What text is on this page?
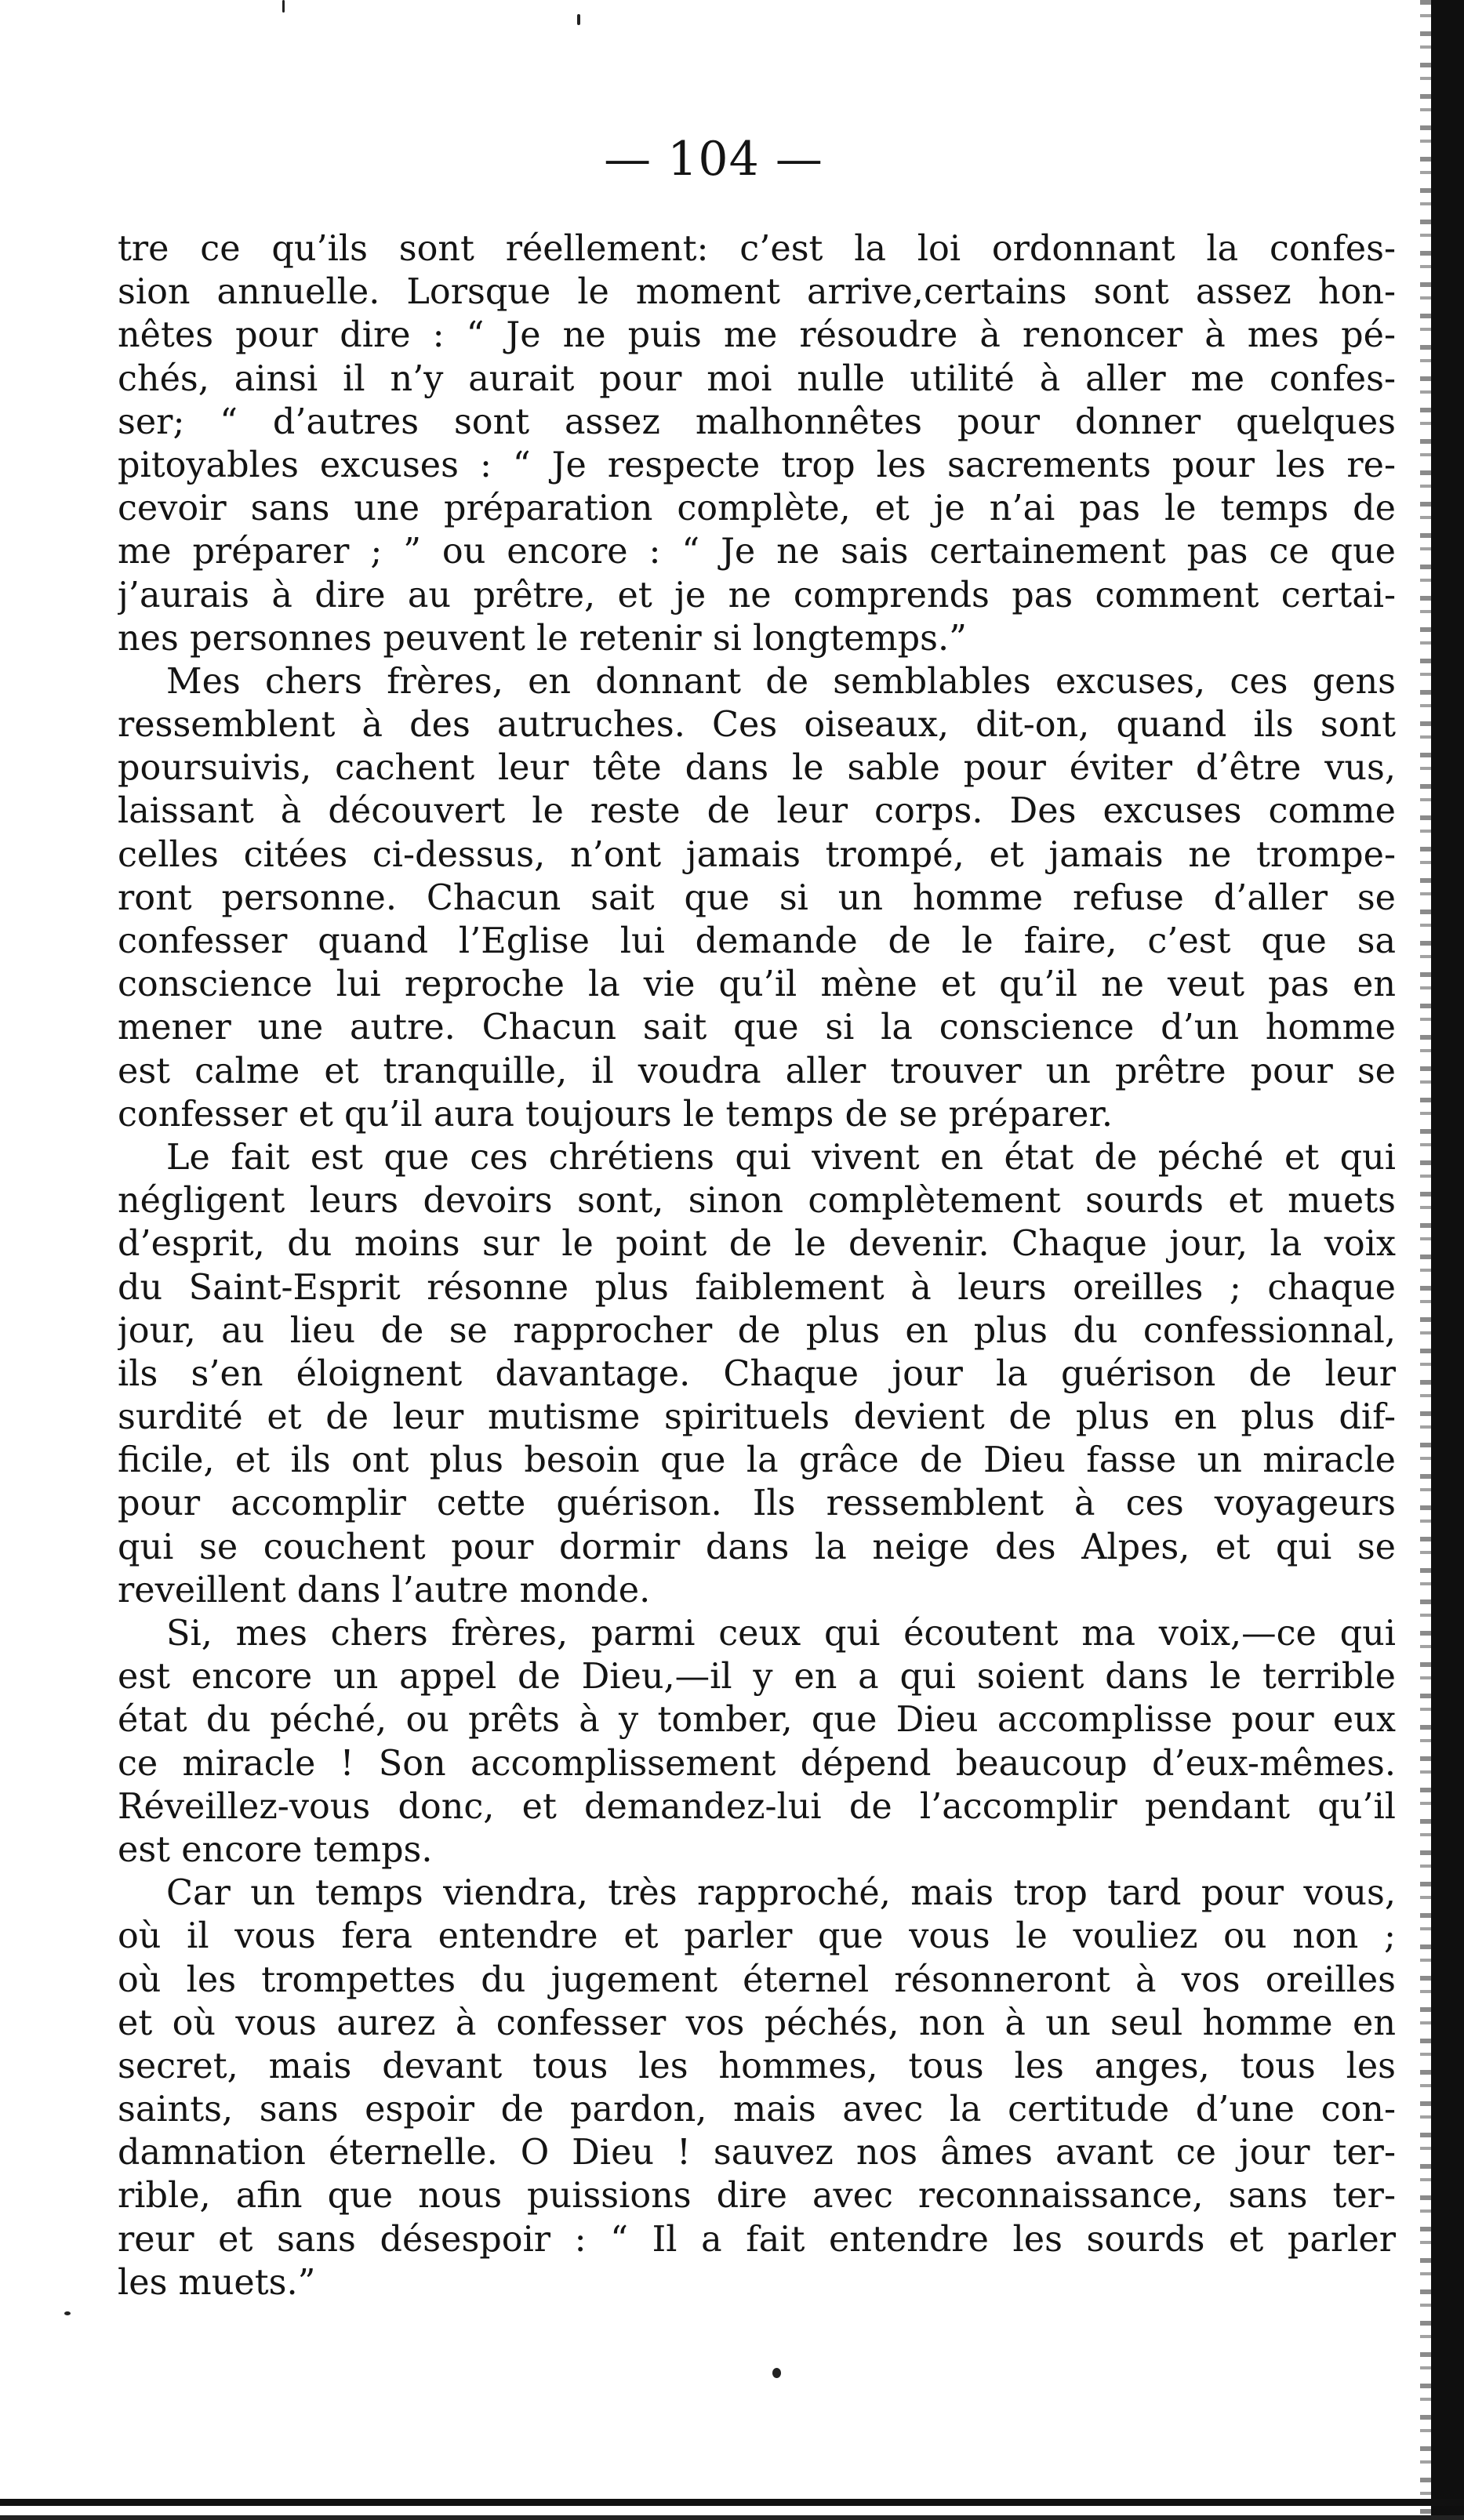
— 104 —
tre ce qu’ils sont réellement: c’est la loi ordonnant la confes-
sion annuelle. Lorsque le moment arrive,certains sont assez hon-
nêtes pour dire : “ Je ne puis me résoudre à renoncer à mes pé-
chés, ainsi il n’y aurait pour moi nulle utilité à aller me confes-
ser; “ d’autres sont assez malhonnêtes pour donner quelques
pitoyables excuses : “ Je respecte trop les sacrements pour les re-
cevoir sans une préparation complète, et je n’ai pas le temps de
me préparer ; ” ou encore : “ Je ne sais certainement pas ce que
j’aurais à dire au prêtre, et je ne comprends pas comment certai-
nes personnes peuvent le retenir si longtemps.”
Mes chers frères, en donnant de semblables excuses, ces gens
ressemblent à des autruches. Ces oiseaux, dit-on, quand ils sont
poursuivis, cachent leur tête dans le sable pour éviter d’être vus,
laissant à découvert le reste de leur corps. Des excuses comme
celles citées ci-dessus, n’ont jamais trompé, et jamais ne trompe-
ront personne. Chacun sait que si un homme refuse d’aller se
confesser quand l’Eglise lui demande de le faire, c’est que sa
conscience lui reproche la vie qu’il mène et qu’il ne veut pas en
mener une autre. Chacun sait que si la conscience d’un homme
est calme et tranquille, il voudra aller trouver un prêtre pour se
confesser et qu’il aura toujours le temps de se préparer.
Le fait est que ces chrétiens qui vivent en état de péché et qui
négligent leurs devoirs sont, sinon complètement sourds et muets
d’esprit, du moins sur le point de le devenir. Chaque jour, la voix
du Saint-Esprit résonne plus faiblement à leurs oreilles ; chaque
jour, au lieu de se rapprocher de plus en plus du confessionnal,
ils s’en éloignent davantage. Chaque jour la guérison de leur
surdité et de leur mutisme spirituels devient de plus en plus dif-
ficile, et ils ont plus besoin que la grâce de Dieu fasse un miracle
pour accomplir cette guérison. Ils ressemblent à ces voyageurs
qui se couchent pour dormir dans la neige des Alpes, et qui se
reveillent dans l’autre monde.
Si, mes chers frères, parmi ceux qui écoutent ma voix,—ce qui
est encore un appel de Dieu,—il y en a qui soient dans le terrible
état du péché, ou prêts à y tomber, que Dieu accomplisse pour eux
ce miracle ! Son accomplissement dépend beaucoup d’eux-mêmes.
Réveillez-vous donc, et demandez-lui de l’accomplir pendant qu’il
est encore temps.
Car un temps viendra, très rapproché, mais trop tard pour vous,
où il vous fera entendre et parler que vous le vouliez ou non ;
où les trompettes du jugement éternel résonneront à vos oreilles
et où vous aurez à confesser vos péchés, non à un seul homme en
secret, mais devant tous les hommes, tous les anges, tous les
saints, sans espoir de pardon, mais avec la certitude d’une con-
damnation éternelle. O Dieu ! sauvez nos âmes avant ce jour ter-
rible, afin que nous puissions dire avec reconnaissance, sans ter-
reur et sans désespoir : “ Il a fait entendre les sourds et parler
les muets.”
